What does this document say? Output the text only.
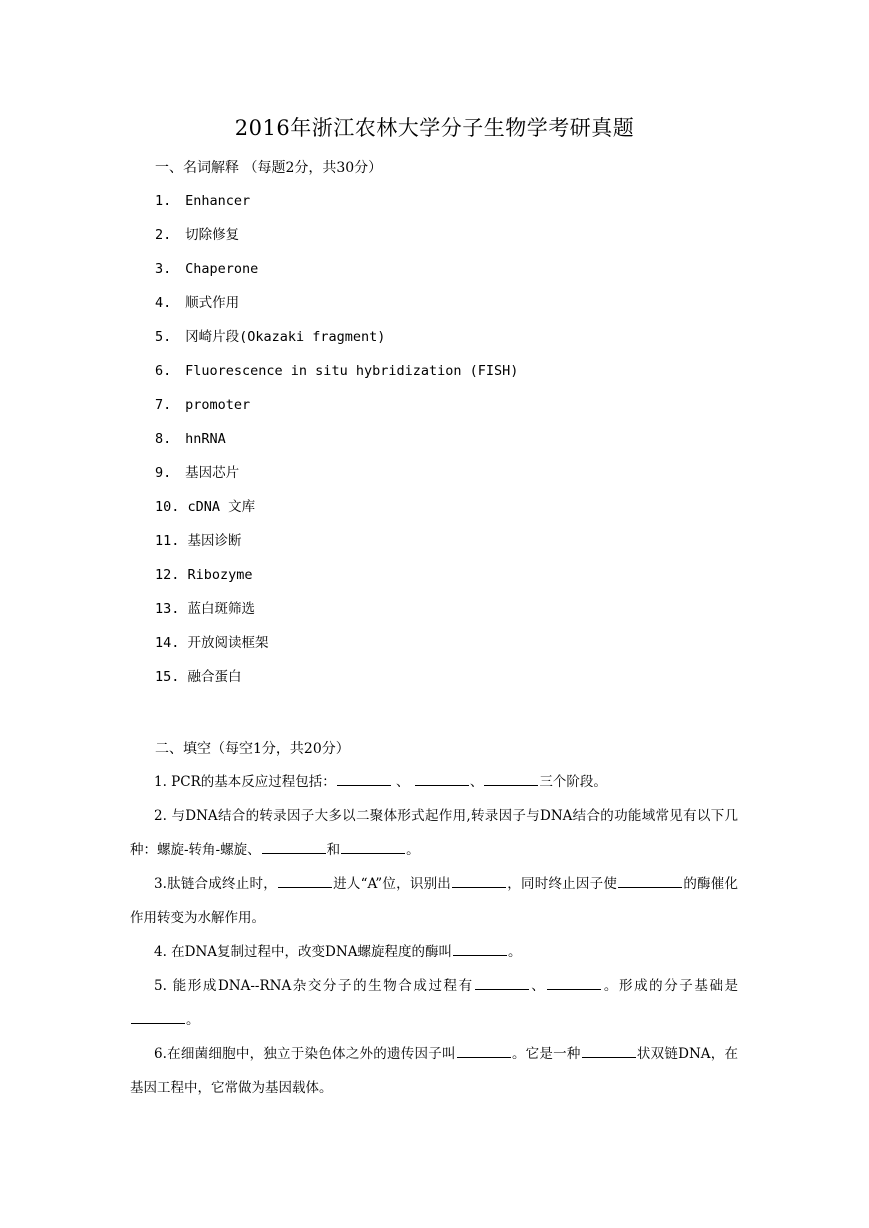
2016年浙江农林大学分子生物学考研真题
一、名词解释 （每题2分，共30分）
1. Enhancer
2. 切除修复
3. Chaperone
4. 顺式作用
5. 冈崎片段(Okazaki fragment)
6. Fluorescence in situ hybridization (FISH)
7. promoter
8. hnRNA
9. 基因芯片
10. cDNA 文库
11. 基因诊断
12. Ribozyme
13. 蓝白斑筛选
14. 开放阅读框架
15. 融合蛋白
二、填空（每空1分，共20分）

1. PCR的基本反应过程包括：	、	、	三个阶段。

2. 与DNA结合的转录因子大多以二聚体形式起作用,转录因子与DNA结合的功能域常见有以下几种：螺旋-转角-螺旋、	和	。

3.肽链合成终止时，	进人“A”位，识别出	，同时终止因子使	的酶催化作用转变为水解作用。

4. 在DNA复制过程中，改变DNA螺旋程度的酶叫	。

5. 能形成DNA--RNA杂交分子的生物合成过程有	、	。形成的分子基础是。

6.在细菌细胞中，独立于染色体之外的遗传因子叫	。它是一种	状双链DNA，在基因工程中，它常做为基因载体。
